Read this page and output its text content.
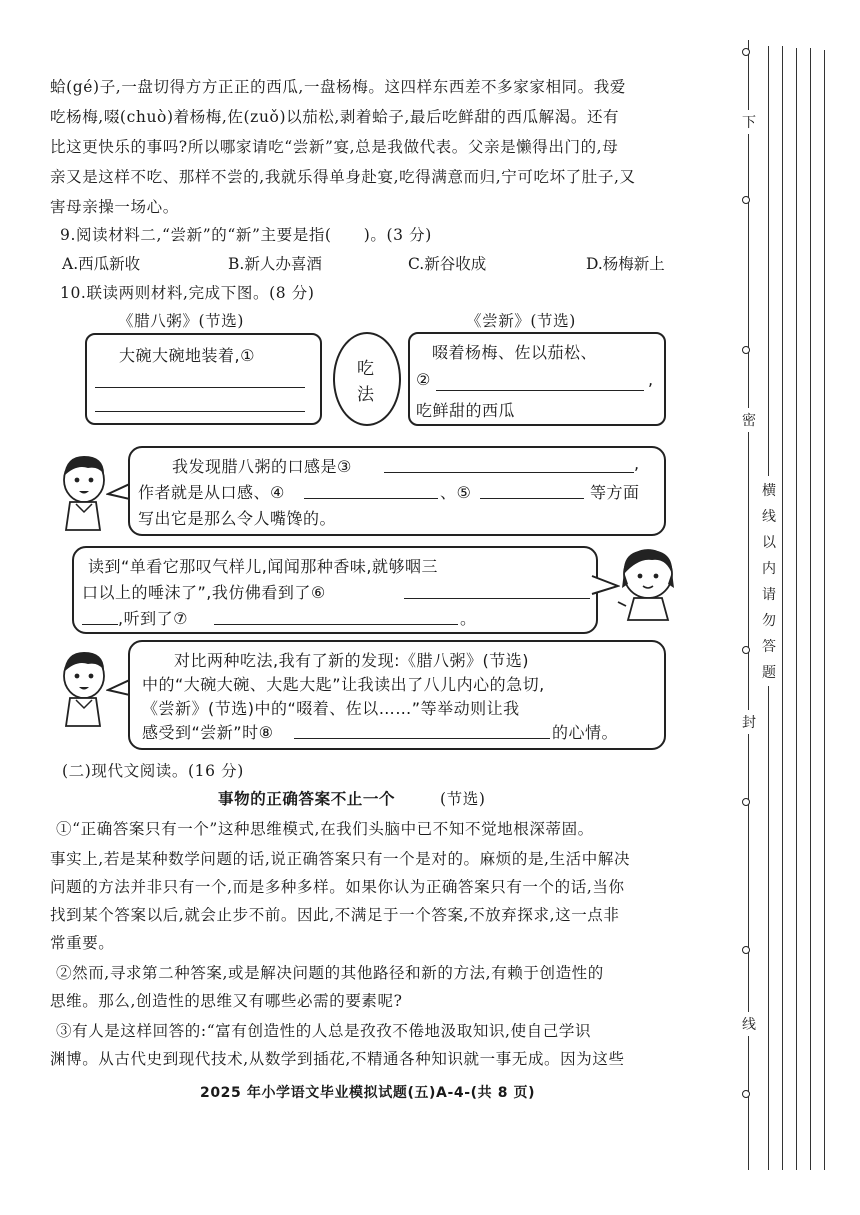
蛤(gé)子,一盘切得方方正正的西瓜,一盘杨梅。这四样东西差不多家家相同。我爱
吃杨梅,啜(chuò)着杨梅,佐(zuǒ)以茄松,剥着蛤子,最后吃鲜甜的西瓜解渴。还有
比这更快乐的事吗?所以哪家请吃“尝新”宴,总是我做代表。父亲是懒得出门的,母
亲又是这样不吃、那样不尝的,我就乐得单身赴宴,吃得满意而归,宁可吃坏了肚子,又
害母亲操一场心。
9.阅读材料二,“尝新”的“新”主要是指(　　)。(3 分)
A.西瓜新收	B.新人办喜酒	C.新谷收成	D.杨梅新上
10.联读两则材料,完成下图。(8 分)
《腊八粥》(节选)	《尝新》(节选)
大碗大碗地装着,①
吃
法
啜着杨梅、佐以茄松、
②	,
吃鲜甜的西瓜
我发现腊八粥的口感是③	,
作者就是从口感、④	、⑤	等方面
写出它是那么令人嘴馋的。
读到“单看它那叹气样儿,闻闻那种香味,就够咽三
口以上的唾沫了”,我仿佛看到了⑥
,听到了⑦	。
对比两种吃法,我有了新的发现:《腊八粥》(节选)
中的“大碗大碗、大匙大匙”让我读出了八儿内心的急切,
《尝新》(节选)中的“啜着、佐以……”等举动则让我
感受到“尝新”时⑧	的心情。
(二)现代文阅读。(16 分)
事物的正确答案不止一个	(节选)
①“正确答案只有一个”这种思维模式,在我们头脑中已不知不觉地根深蒂固。
事实上,若是某种数学问题的话,说正确答案只有一个是对的。麻烦的是,生活中解决
问题的方法并非只有一个,而是多种多样。如果你认为正确答案只有一个的话,当你
找到某个答案以后,就会止步不前。因此,不满足于一个答案,不放弃探求,这一点非
常重要。
②然而,寻求第二种答案,或是解决问题的其他路径和新的方法,有赖于创造性的
思维。那么,创造性的思维又有哪些必需的要素呢?
③有人是这样回答的:“富有创造性的人总是孜孜不倦地汲取知识,使自己学识
渊博。从古代史到现代技术,从数学到插花,不精通各种知识就一事无成。因为这些
2025 年小学语文毕业模拟试题(五)A-4-(共 8 页)
下
密
封
线
横
线
以
内
请
勿
答
题
